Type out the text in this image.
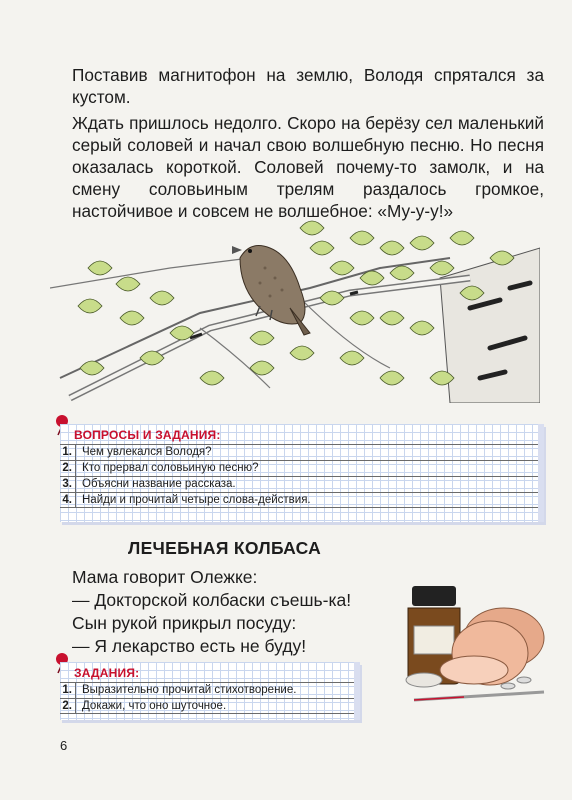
Поставив магнитофон на землю, Володя спрятался за кустом.

Ждать пришлось недолго. Скоро на берёзу сел маленький серый соловей и начал свою волшебную песню. Но песня оказалась короткой. Соловей почему-то замолк, и на смену соловьиным трелям раздалось громкое, настойчивое и совсем не волшебное: «Му-у-у!»

ВОПРОСЫ И ЗАДАНИЯ:
1. Чем увлекался Володя?
2. Кто прервал соловьиную песню?
3. Объясни название рассказа.
4. Найди и прочитай четыре слова-действия.
ЛЕЧЕБНАЯ КОЛБАСА
Мама говорит Олежке:
— Докторской колбаски съешь-ка!
Сын рукой прикрыл посуду:
— Я лекарство есть не буду!
ЗАДАНИЯ:
1. Выразительно прочитай стихотворение.
2. Докажи, что оно шуточное.
6
